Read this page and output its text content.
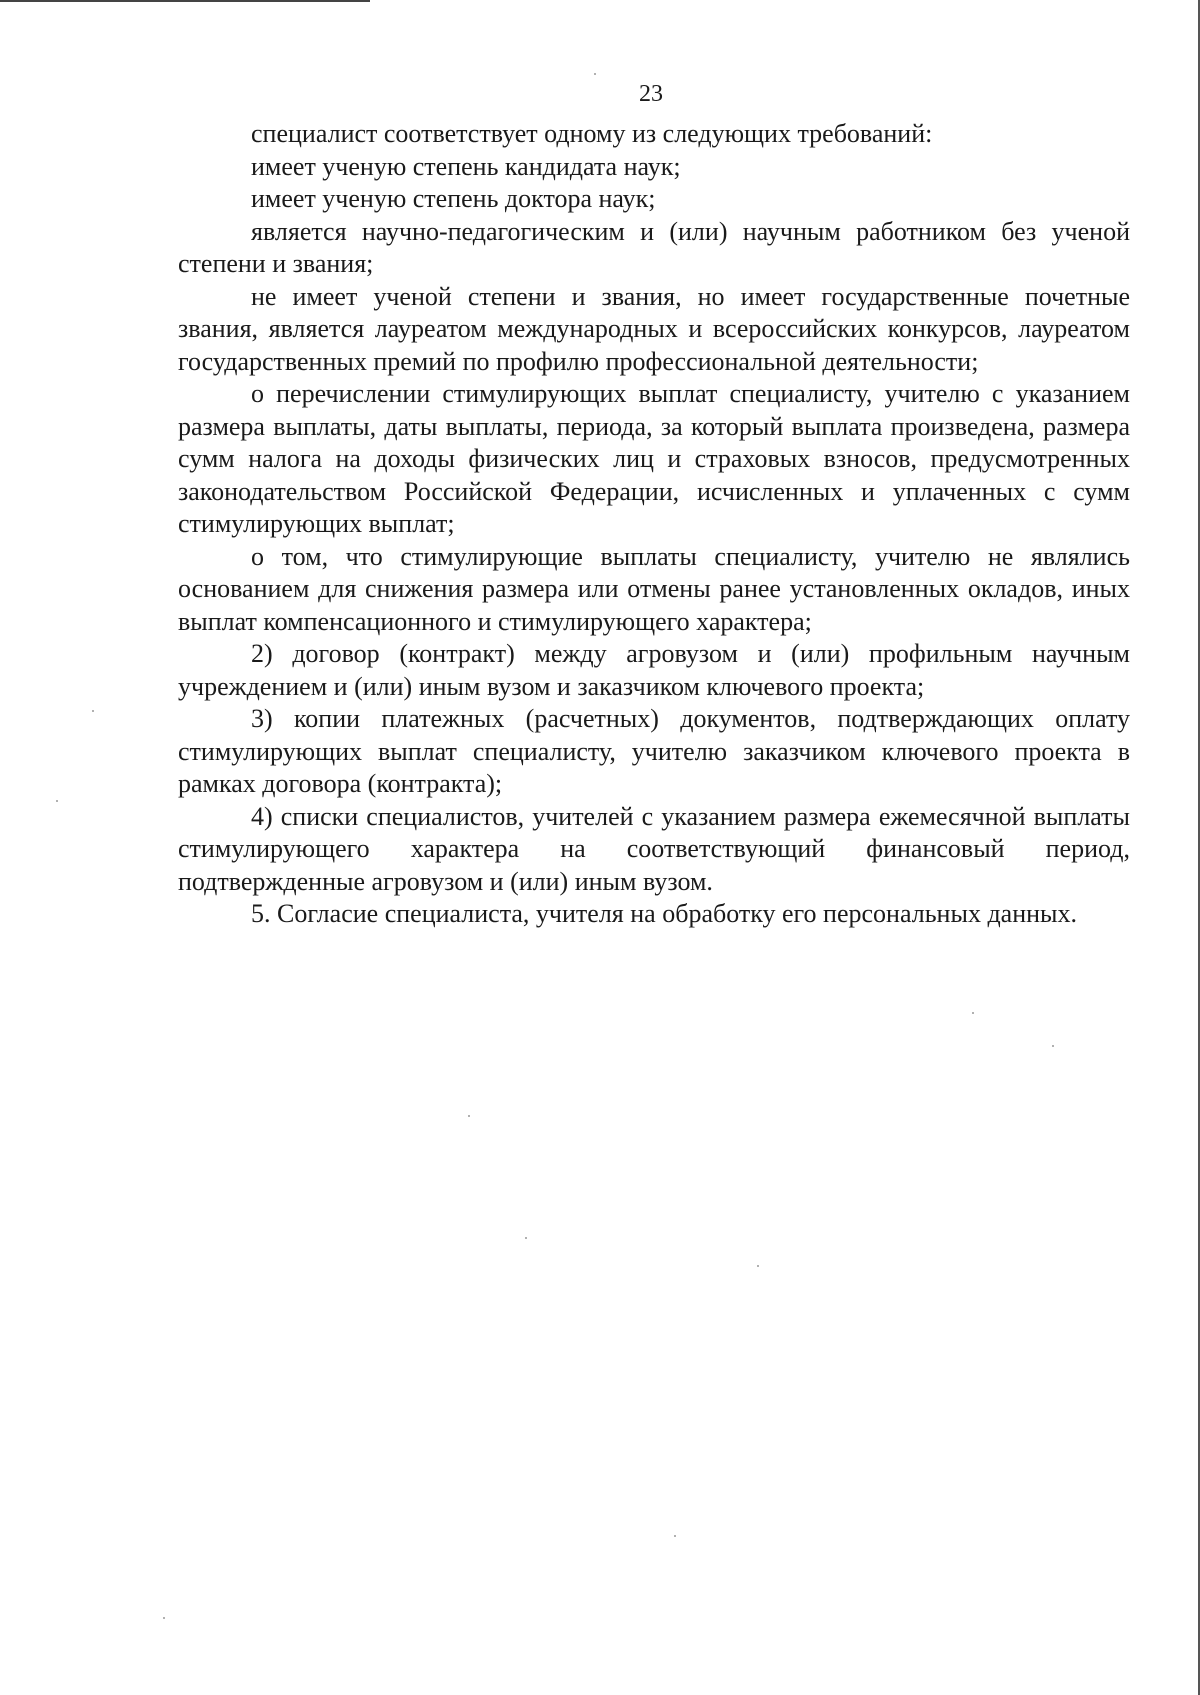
23

специалист соответствует одному из следующих требований:

имеет ученую степень кандидата наук;

имеет ученую степень доктора наук;

является научно-педагогическим и (или) научным работником без ученой степени и звания;

не имеет ученой степени и звания, но имеет государственные почетные звания, является лауреатом международных и всероссийских конкурсов, лауреатом государственных премий по профилю профессиональной деятельности;

о перечислении стимулирующих выплат специалисту, учителю с указанием размера выплаты, даты выплаты, периода, за который выплата произведена, размера сумм налога на доходы физических лиц и страховых взносов, предусмотренных законодательством Российской Федерации, исчисленных и уплаченных с сумм стимулирующих выплат;

о том, что стимулирующие выплаты специалисту, учителю не являлись основанием для снижения размера или отмены ранее установленных окладов, иных выплат компенсационного и стимулирующего характера;

2) договор (контракт) между агровузом и (или) профильным научным учреждением и (или) иным вузом и заказчиком ключевого проекта;

3) копии платежных (расчетных) документов, подтверждающих оплату стимулирующих выплат специалисту, учителю заказчиком ключевого проекта в рамках договора (контракта);

4) списки специалистов, учителей с указанием размера ежемесячной выплаты стимулирующего характера на соответствующий финансовый период, подтвержденные агровузом и (или) иным вузом.

5. Согласие специалиста, учителя на обработку его персональных данных.
